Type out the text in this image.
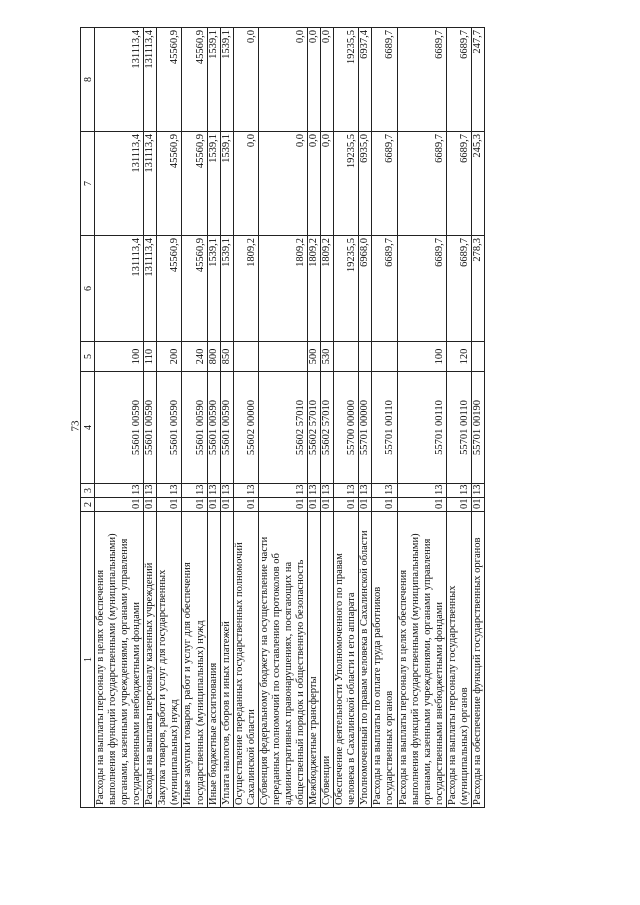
73
1	2	3	4	5	6	7	8
Расходы на выплаты персоналу в целях обеспечения выполнения функций государственными (муниципальными) органами, казенными учреждениями, органами управления государственными внебюджетными фондами	01	13	55601 00590	100	131113,4	131113,4	131113,4
Расходы на выплаты персоналу казенных учреждений	01	13	55601 00590	110	131113,4	131113,4	131113,4
Закупка товаров, работ и услуг для государственных (муниципальных) нужд	01	13	55601 00590	200	45560,9	45560,9	45560,9
Иные закупки товаров, работ и услуг для обеспечения государственных (муниципальных) нужд	01	13	55601 00590	240	45560,9	45560,9	45560,9
Иные бюджетные ассигнования	01	13	55601 00590	800	1539,1	1539,1	1539,1
Уплата налогов, сборов и иных платежей	01	13	55601 00590	850	1539,1	1539,1	1539,1
Осуществление переданных государственных полномочий Сахалинской области	01	13	55602 00000		1809,2	0,0	0,0
Субвенция федеральному бюджету на осуществление части переданных полномочий по составлению протоколов об административных правонарушениях, посягающих на общественный порядок и общественную безопасность	01	13	55602 57010		1809,2	0,0	0,0
Межбюджетные трансферты	01	13	55602 57010	500	1809,2	0,0	0,0
Субвенции	01	13	55602 57010	530	1809,2	0,0	0,0
Обеспечение деятельности Уполномоченного по правам человека в Сахалинской области и его аппарата	01	13	55700 00000		19235,5	19235,5	19235,5
Уполномоченный по правам человека в Сахалинской области	01	13	55701 00000		6968,0	6935,0	6937,4
Расходы на выплаты по оплате труда работников государственных органов	01	13	55701 00110		6689,7	6689,7	6689,7
Расходы на выплаты персоналу в целях обеспечения выполнения функций государственными (муниципальными) органами, казенными учреждениями, органами управления государственными внебюджетными фондами	01	13	55701 00110	100	6689,7	6689,7	6689,7
Расходы на выплаты персоналу государственных (муниципальных) органов	01	13	55701 00110	120	6689,7	6689,7	6689,7
Расходы на обеспечение функций государственных органов	01	13	55701 00190		278,3	245,3	247,7
